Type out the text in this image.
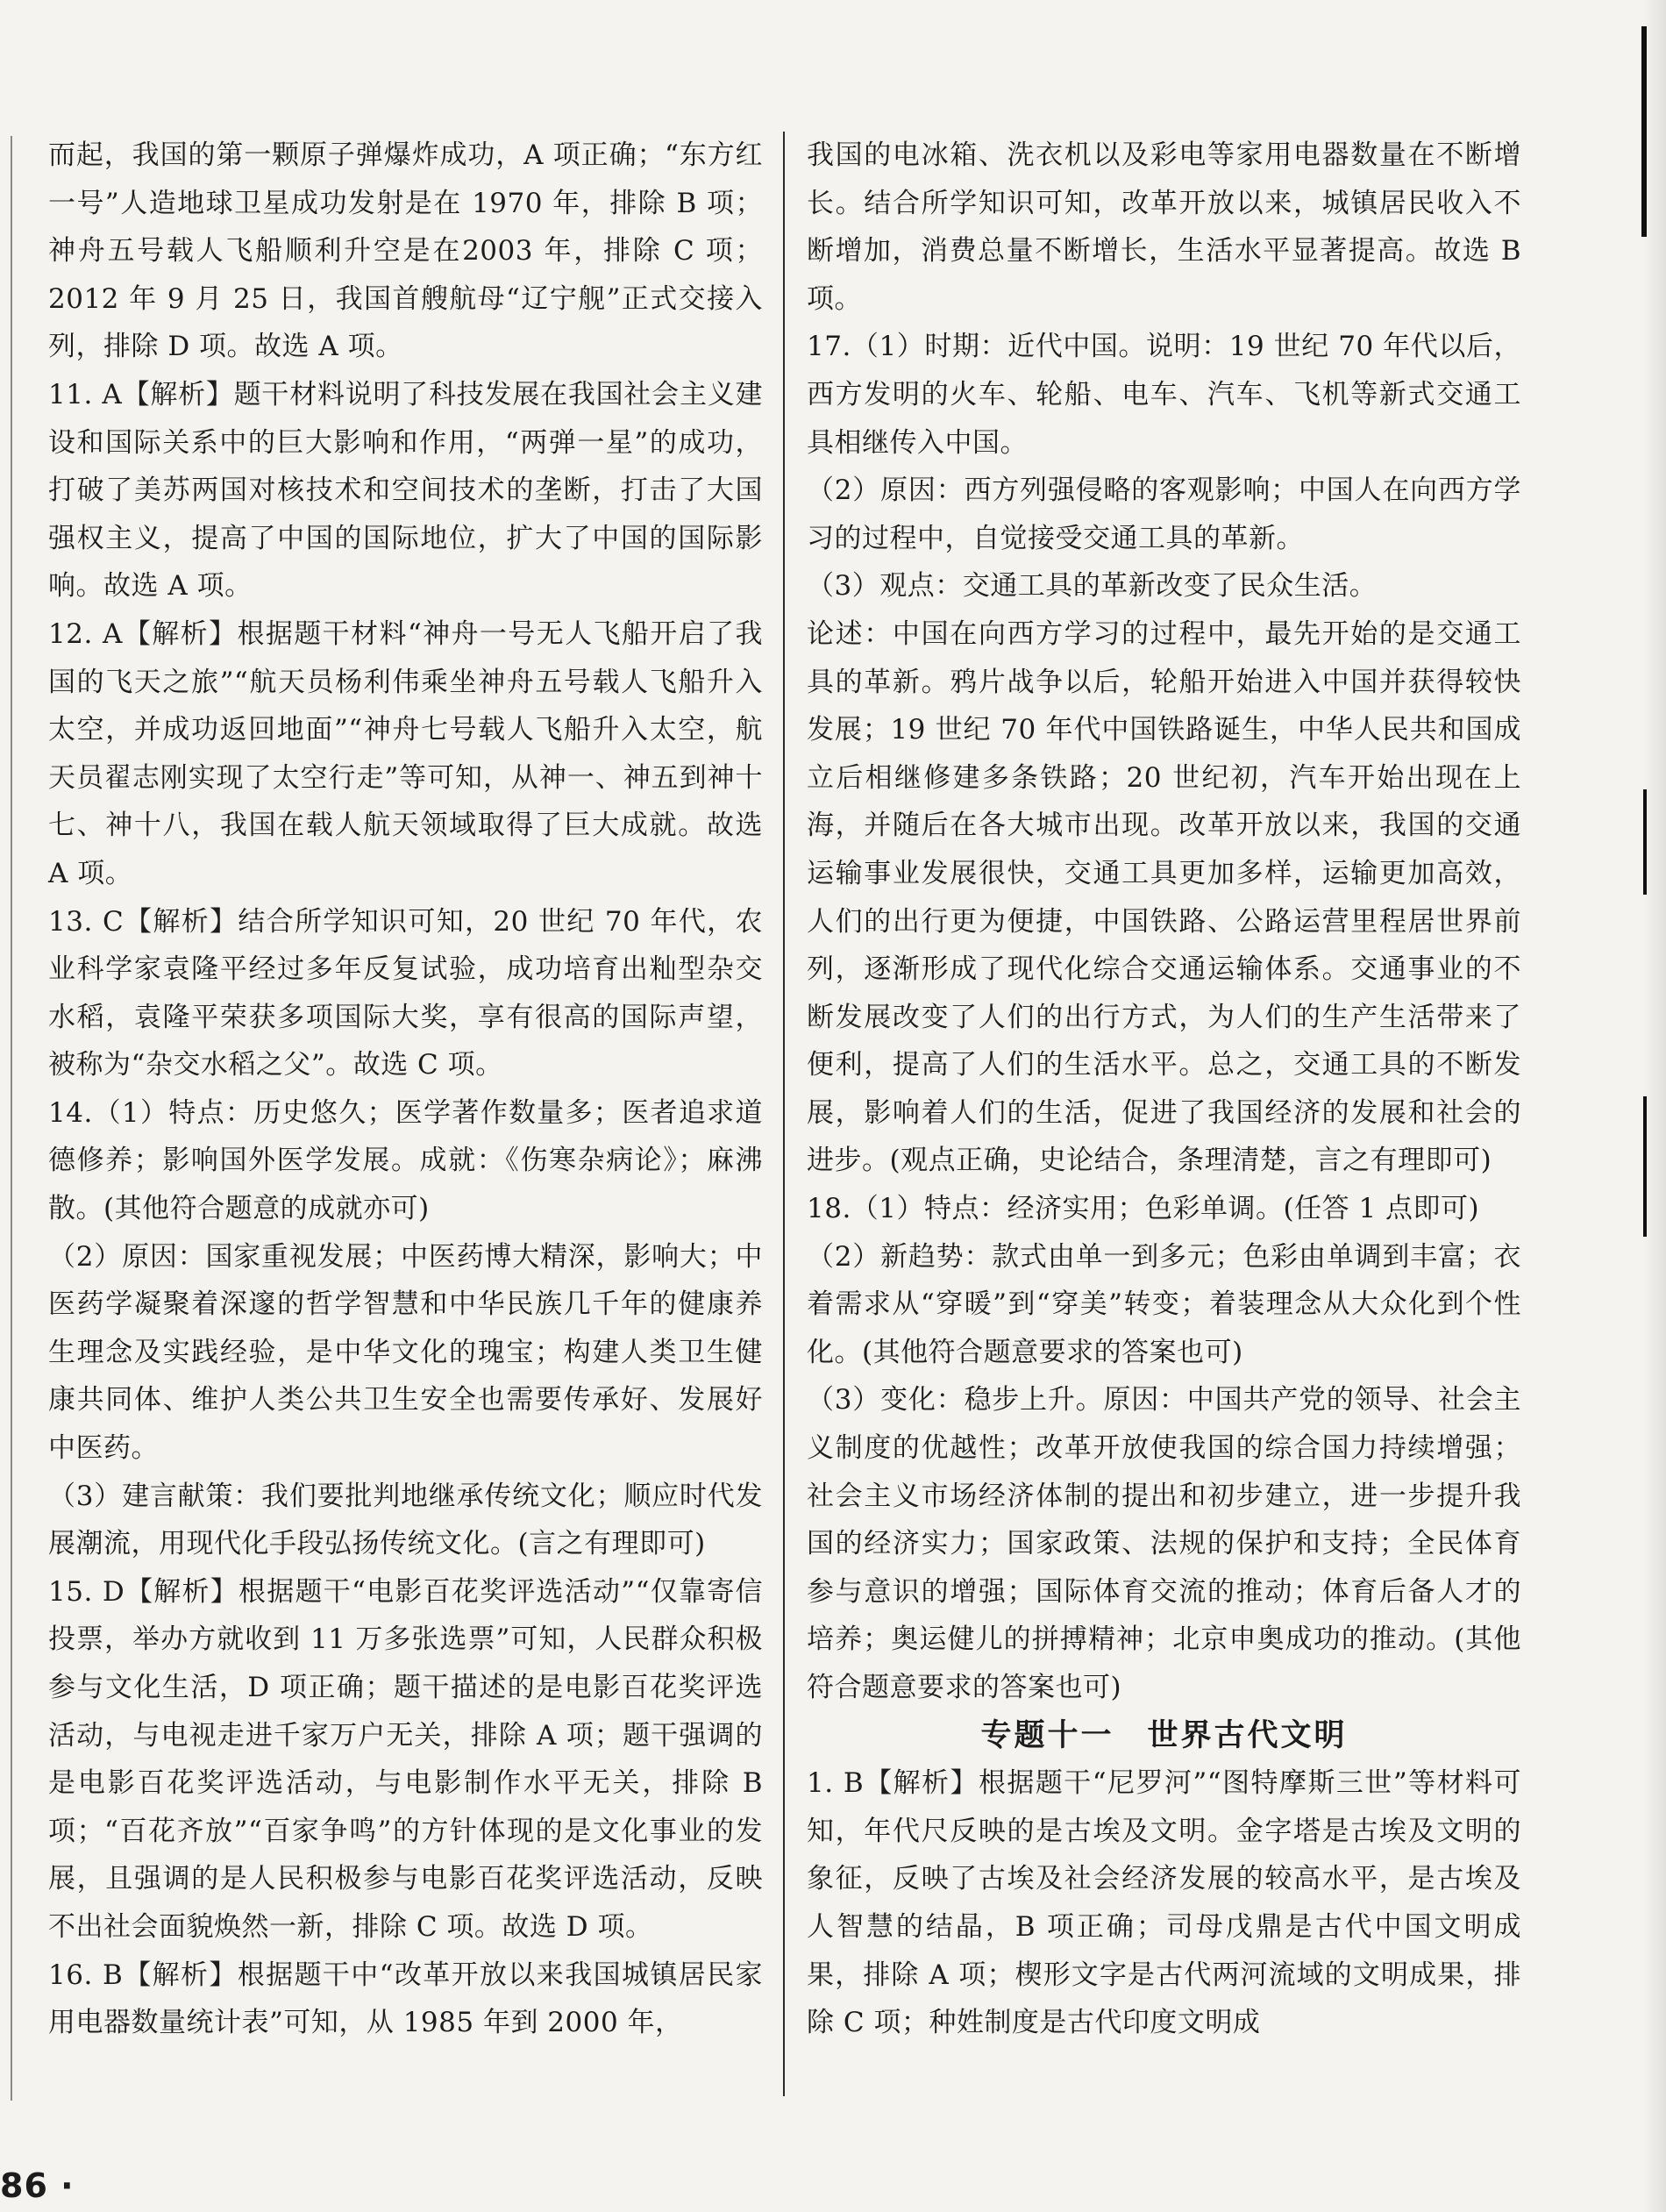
而起，我国的第一颗原子弹爆炸成功，A 项正确；“东方红一号”人造地球卫星成功发射是在 1970 年，排除 B 项；神舟五号载人飞船顺利升空是在2003 年，排除 C 项；2012 年 9 月 25 日，我国首艘航母“辽宁舰”正式交接入列，排除 D 项。故选 A 项。

11. A【解析】题干材料说明了科技发展在我国社会主义建设和国际关系中的巨大影响和作用，“两弹一星”的成功，打破了美苏两国对核技术和空间技术的垄断，打击了大国强权主义，提高了中国的国际地位，扩大了中国的国际影响。故选 A 项。

12. A【解析】根据题干材料“神舟一号无人飞船开启了我国的飞天之旅”“航天员杨利伟乘坐神舟五号载人飞船升入太空，并成功返回地面”“神舟七号载人飞船升入太空，航天员翟志刚实现了太空行走”等可知，从神一、神五到神十七、神十八，我国在载人航天领域取得了巨大成就。故选 A 项。

13. C【解析】结合所学知识可知，20 世纪 70 年代，农业科学家袁隆平经过多年反复试验，成功培育出籼型杂交水稻，袁隆平荣获多项国际大奖，享有很高的国际声望，被称为“杂交水稻之父”。故选 C 项。

14.（1）特点：历史悠久；医学著作数量多；医者追求道德修养；影响国外医学发展。成就：《伤寒杂病论》；麻沸散。(其他符合题意的成就亦可)

（2）原因：国家重视发展；中医药博大精深，影响大；中医药学凝聚着深邃的哲学智慧和中华民族几千年的健康养生理念及实践经验，是中华文化的瑰宝；构建人类卫生健康共同体、维护人类公共卫生安全也需要传承好、发展好中医药。

（3）建言献策：我们要批判地继承传统文化；顺应时代发展潮流，用现代化手段弘扬传统文化。(言之有理即可)

15. D【解析】根据题干“电影百花奖评选活动”“仅靠寄信投票，举办方就收到 11 万多张选票”可知，人民群众积极参与文化生活，D 项正确；题干描述的是电影百花奖评选活动，与电视走进千家万户无关，排除 A 项；题干强调的是电影百花奖评选活动，与电影制作水平无关，排除 B 项；“百花齐放”“百家争鸣”的方针体现的是文化事业的发展，且强调的是人民积极参与电影百花奖评选活动，反映不出社会面貌焕然一新，排除 C 项。故选 D 项。

16. B【解析】根据题干中“改革开放以来我国城镇居民家用电器数量统计表”可知，从 1985 年到 2000 年，

我国的电冰箱、洗衣机以及彩电等家用电器数量在不断增长。结合所学知识可知，改革开放以来，城镇居民收入不断增加，消费总量不断增长，生活水平显著提高。故选 B 项。

17.（1）时期：近代中国。说明：19 世纪 70 年代以后，西方发明的火车、轮船、电车、汽车、飞机等新式交通工具相继传入中国。

（2）原因：西方列强侵略的客观影响；中国人在向西方学习的过程中，自觉接受交通工具的革新。

（3）观点：交通工具的革新改变了民众生活。

论述：中国在向西方学习的过程中，最先开始的是交通工具的革新。鸦片战争以后，轮船开始进入中国并获得较快发展；19 世纪 70 年代中国铁路诞生，中华人民共和国成立后相继修建多条铁路；20 世纪初，汽车开始出现在上海，并随后在各大城市出现。改革开放以来，我国的交通运输事业发展很快，交通工具更加多样，运输更加高效，人们的出行更为便捷，中国铁路、公路运营里程居世界前列，逐渐形成了现代化综合交通运输体系。交通事业的不断发展改变了人们的出行方式，为人们的生产生活带来了便利，提高了人们的生活水平。总之，交通工具的不断发展，影响着人们的生活，促进了我国经济的发展和社会的进步。(观点正确，史论结合，条理清楚，言之有理即可)

18.（1）特点：经济实用；色彩单调。(任答 1 点即可)

（2）新趋势：款式由单一到多元；色彩由单调到丰富；衣着需求从“穿暖”到“穿美”转变；着装理念从大众化到个性化。(其他符合题意要求的答案也可)

（3）变化：稳步上升。原因：中国共产党的领导、社会主义制度的优越性；改革开放使我国的综合国力持续增强；社会主义市场经济体制的提出和初步建立，进一步提升我国的经济实力；国家政策、法规的保护和支持；全民体育参与意识的增强；国际体育交流的推动；体育后备人才的培养；奥运健儿的拼搏精神；北京申奥成功的推动。(其他符合题意要求的答案也可)

专题十一　世界古代文明

1. B【解析】根据题干“尼罗河”“图特摩斯三世”等材料可知，年代尺反映的是古埃及文明。金字塔是古埃及文明的象征，反映了古埃及社会经济发展的较高水平，是古埃及人智慧的结晶，B 项正确；司母戊鼎是古代中国文明成果，排除 A 项；楔形文字是古代两河流域的文明成果，排除 C 项；种姓制度是古代印度文明成

86 ·
